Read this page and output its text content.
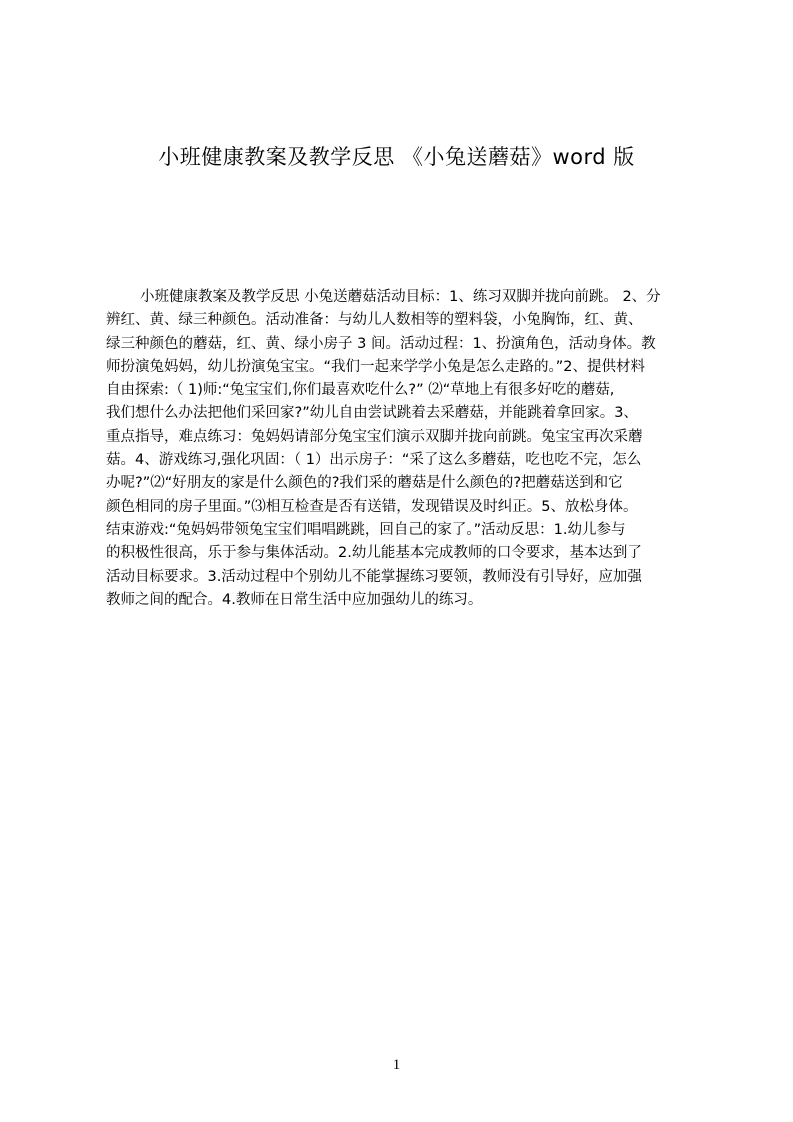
小班健康教案及教学反思 《小兔送蘑菇》word 版
小班健康教案及教学反思 小兔送蘑菇活动目标：1、练习双脚并拢向前跳。 2、分
辨红、黄、绿三种颜色。活动准备：与幼儿人数相等的塑料袋，小兔胸饰，红、黄、
绿三种颜色的蘑菇，红、黄、绿小房子 3 间。活动过程：1、扮演角色，活动身体。教
师扮演兔妈妈，幼儿扮演兔宝宝。“我们一起来学学小兔是怎么走路的。”2、提供材料
自由探索:（ 1)师:“兔宝宝们,你们最喜欢吃什么?” ⑵“草地上有很多好吃的蘑菇,
我们想什么办法把他们采回家?”幼儿自由尝试跳着去采蘑菇，并能跳着拿回家。3、
重点指导，难点练习：兔妈妈请部分兔宝宝们演示双脚并拢向前跳。兔宝宝再次采蘑
菇。4、游戏练习,强化巩固：（ 1）出示房子：“采了这么多蘑菇，吃也吃不完，怎么
办呢?”⑵“好朋友的家是什么颜色的?我们采的蘑菇是什么颜色的?把蘑菇送到和它
颜色相同的房子里面。”⑶相互检查是否有送错，发现错误及时纠正。5、放松身体。
结束游戏:“兔妈妈带领兔宝宝们唱唱跳跳，回自己的家了。”活动反思：1.幼儿参与
的积极性很高，乐于参与集体活动。2.幼儿能基本完成教师的口令要求，基本达到了
活动目标要求。3.活动过程中个别幼儿不能掌握练习要领，教师没有引导好，应加强
教师之间的配合。4.教师在日常生活中应加强幼儿的练习。
1
